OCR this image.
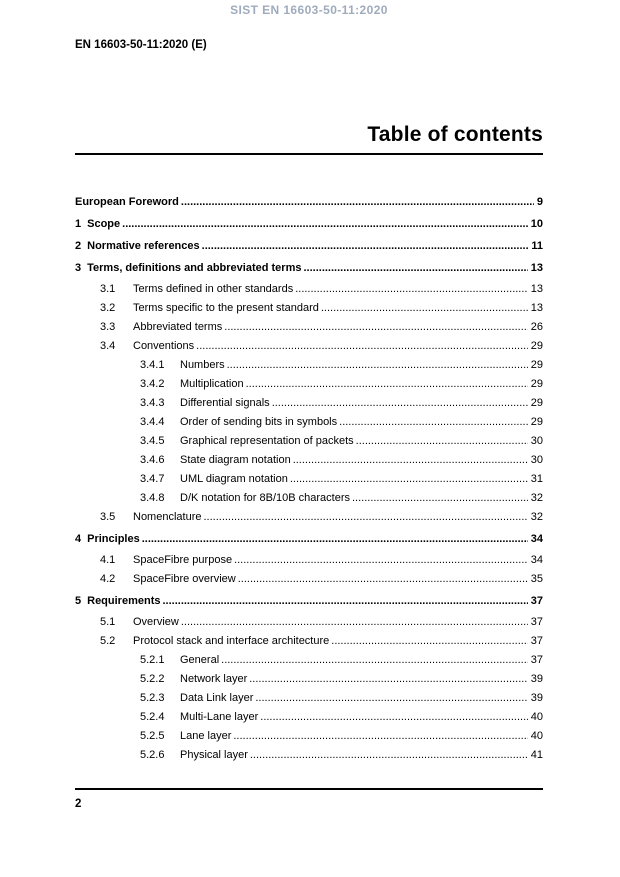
SIST EN 16603-50-11:2020
EN 16603-50-11:2020 (E)
Table of contents
European Foreword .....	9
1 Scope .....	10
2 Normative references .....	11
3 Terms, definitions and abbreviated terms .....	13
3.1	Terms defined in other standards .....	13
3.2	Terms specific to the present standard .....	13
3.3	Abbreviated terms .....	26
3.4	Conventions .....	29
3.4.1	Numbers .....	29
3.4.2	Multiplication .....	29
3.4.3	Differential signals .....	29
3.4.4	Order of sending bits in symbols .....	29
3.4.5	Graphical representation of packets .....	30
3.4.6	State diagram notation .....	30
3.4.7	UML diagram notation .....	31
3.4.8	D/K notation for 8B/10B characters .....	32
3.5	Nomenclature .....	32
4 Principles .....	34
4.1	SpaceFibre purpose .....	34
4.2	SpaceFibre overview .....	35
5 Requirements .....	37
5.1	Overview .....	37
5.2	Protocol stack and interface architecture .....	37
5.2.1	General .....	37
5.2.2	Network layer .....	39
5.2.3	Data Link layer .....	39
5.2.4	Multi-Lane layer .....	40
5.2.5	Lane layer .....	40
5.2.6	Physical layer .....	41
2
